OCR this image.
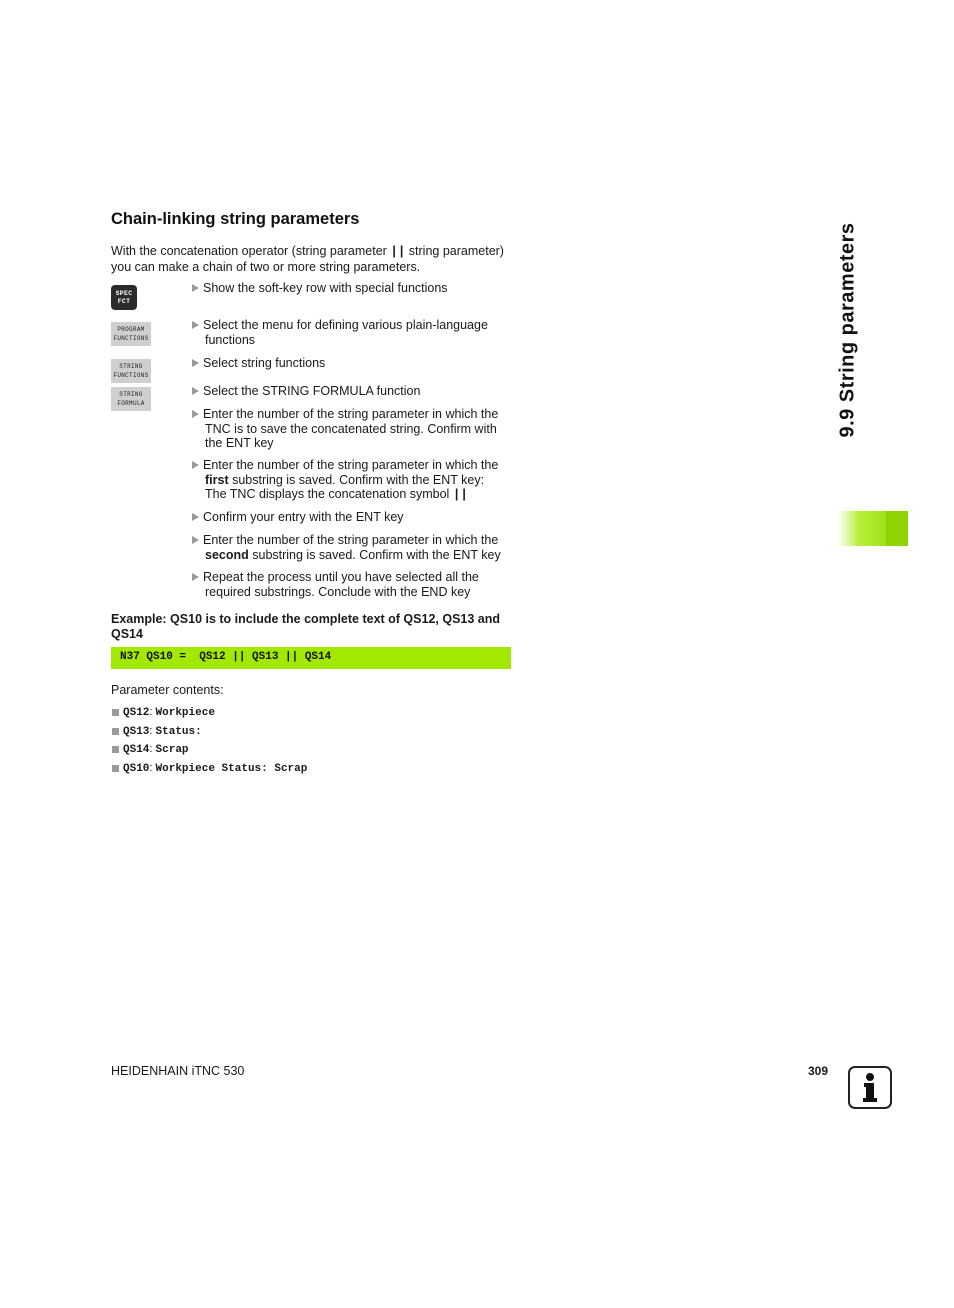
Chain-linking string parameters

With the concatenation operator (string parameter || string parameter) you can make a chain of two or more string parameters.

SPEC
FCT
PROGRAM
FUNCTIONS
STRING
FUNCTIONS
STRING
FORMULA
Show the soft-key row with special functions
Select the menu for defining various plain-language
functions
Select string functions
Select the STRING FORMULA function
Enter the number of the string parameter in which the
TNC is to save the concatenated string. Confirm with
the ENT key
Enter the number of the string parameter in which the
first substring is saved. Confirm with the ENT key:
The TNC displays the concatenation symbol ||
Confirm your entry with the ENT key
Enter the number of the string parameter in which the
second substring is saved. Confirm with the ENT key
Repeat the process until you have selected all the
required substrings. Conclude with the END key

Example: QS10 is to include the complete text of QS12, QS13 and QS14

N37 QS10 =  QS12 || QS13 || QS14
Parameter contents:
QS12: Workpiece
QS13: Status:
QS14: Scrap
QS10: Workpiece Status: Scrap
9.9 String parameters
HEIDENHAIN iTNC 530	309
